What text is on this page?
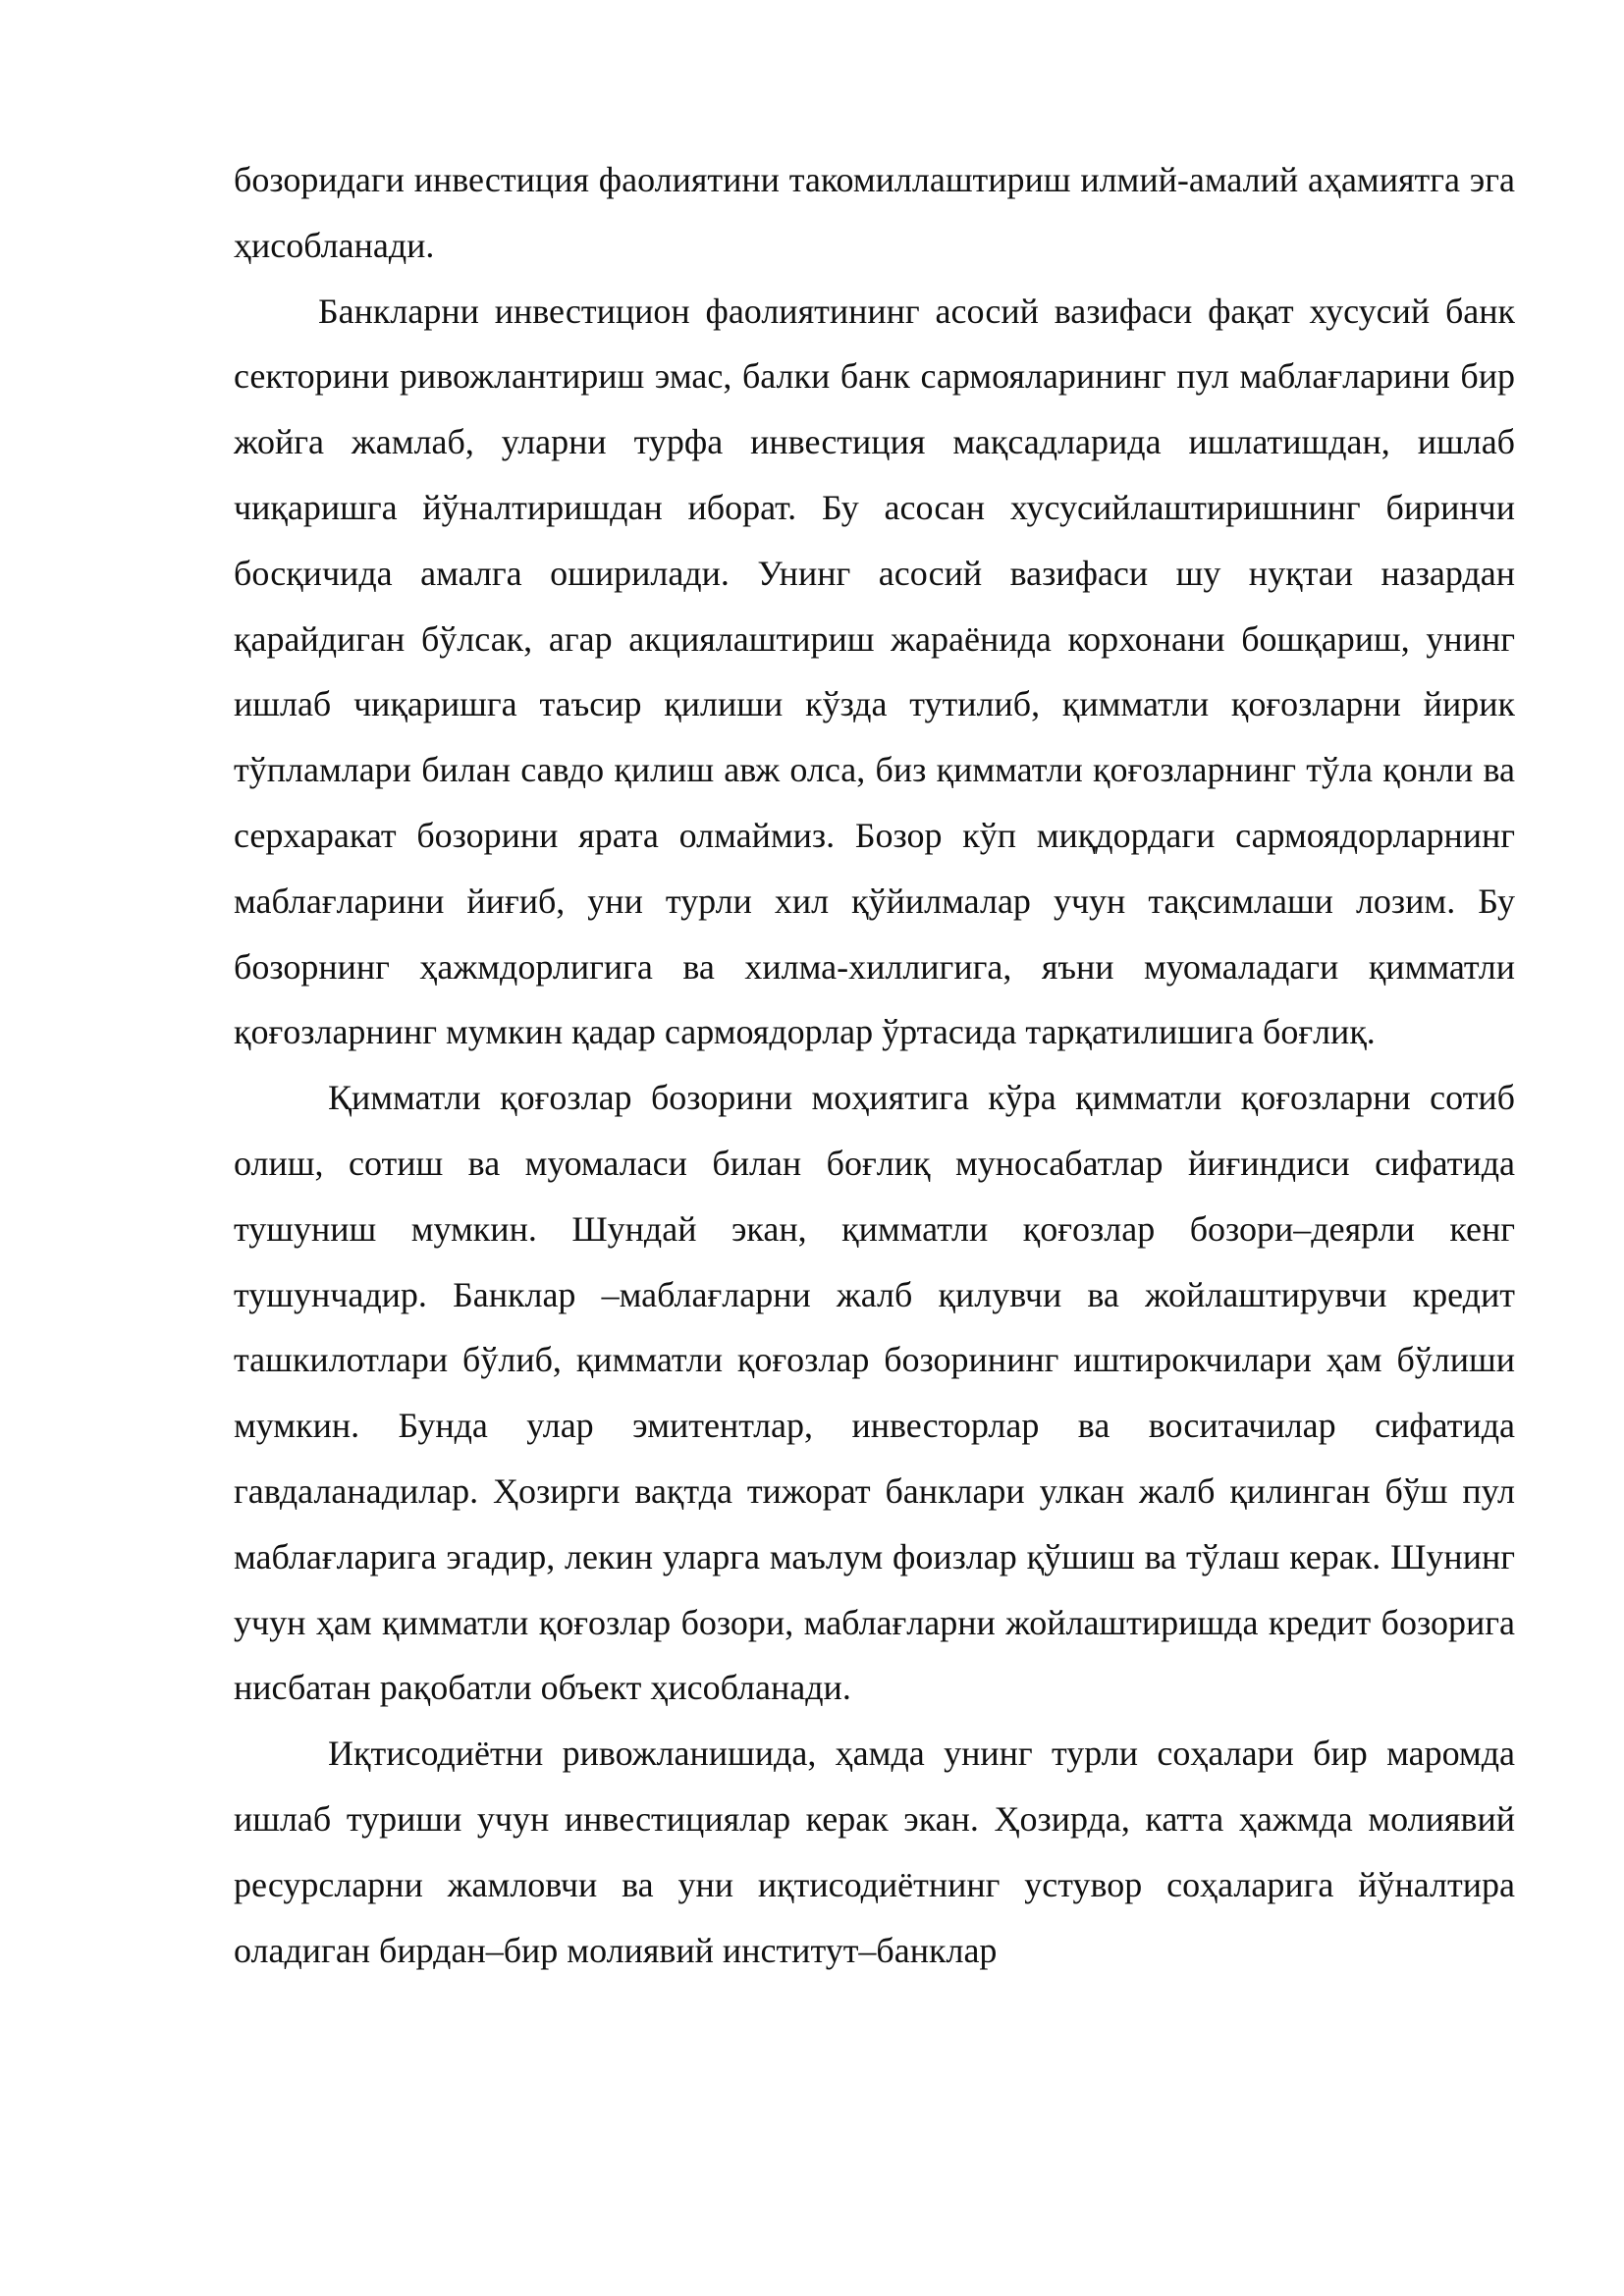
бозоридаги инвестиция фаолиятини такомиллаштириш илмий-амалий аҳамиятга эга ҳисобланади.

Банкларни инвестицион фаолиятининг асосий вазифаси фақат хусусий банк секторини ривожлантириш эмас, балки банк сармояларининг пул маблағларини бир жойга жамлаб, уларни турфа инвестиция мақсадларида ишлатишдан, ишлаб чиқаришга йўналтиришдан иборат. Бу асосан хусусийлаштиришнинг биринчи босқичида амалга оширилади. Унинг асосий вазифаси шу нуқтаи назардан қарайдиган бўлсак, агар акциялаштириш жараёнида корхонани бошқариш, унинг ишлаб чиқаришга таъсир қилиши кўзда тутилиб, қимматли қоғозларни йирик тўпламлари билан савдо қилиш авж олса, биз қимматли қоғозларнинг тўла қонли ва серхаракат бозорини ярата олмаймиз. Бозор кўп миқдордаги сармоядорларнинг маблағларини йиғиб, уни турли хил қўйилмалар учун тақсимлаши лозим. Бу бозорнинг ҳажмдорлигига ва хилма-хиллигига, яъни муомаладаги қимматли қоғозларнинг мумкин қадар сармоядорлар ўртасида тарқатилишига боғлиқ.

Қимматли қоғозлар бозорини моҳиятига кўра қимматли қоғозларни сотиб олиш, сотиш ва муомаласи билан боғлиқ муносабатлар йиғиндиси сифатида тушуниш мумкин. Шундай экан, қимматли қоғозлар бозори–деярли кенг тушунчадир. Банклар –маблағларни жалб қилувчи ва жойлаштирувчи кредит ташкилотлари бўлиб, қимматли қоғозлар бозорининг иштирокчилари ҳам бўлиши мумкин. Бунда улар эмитентлар, инвесторлар ва воситачилар сифатида гавдаланадилар. Ҳозирги вақтда тижорат банклари улкан жалб қилинган бўш пул маблағларига эгадир, лекин уларга маълум фоизлар қўшиш ва тўлаш керак. Шунинг учун ҳам қимматли қоғозлар бозори, маблағларни жойлаштиришда кредит бозорига нисбатан рақобатли объект ҳисобланади.

Иқтисодиётни ривожланишида, ҳамда унинг турли соҳалари бир маромда ишлаб туриши учун инвестициялар керак экан. Ҳозирда, катта ҳажмда молиявий ресурсларни жамловчи ва уни иқтисодиётнинг устувор соҳаларига йўналтира оладиган бирдан–бир молиявий институт–банклар
